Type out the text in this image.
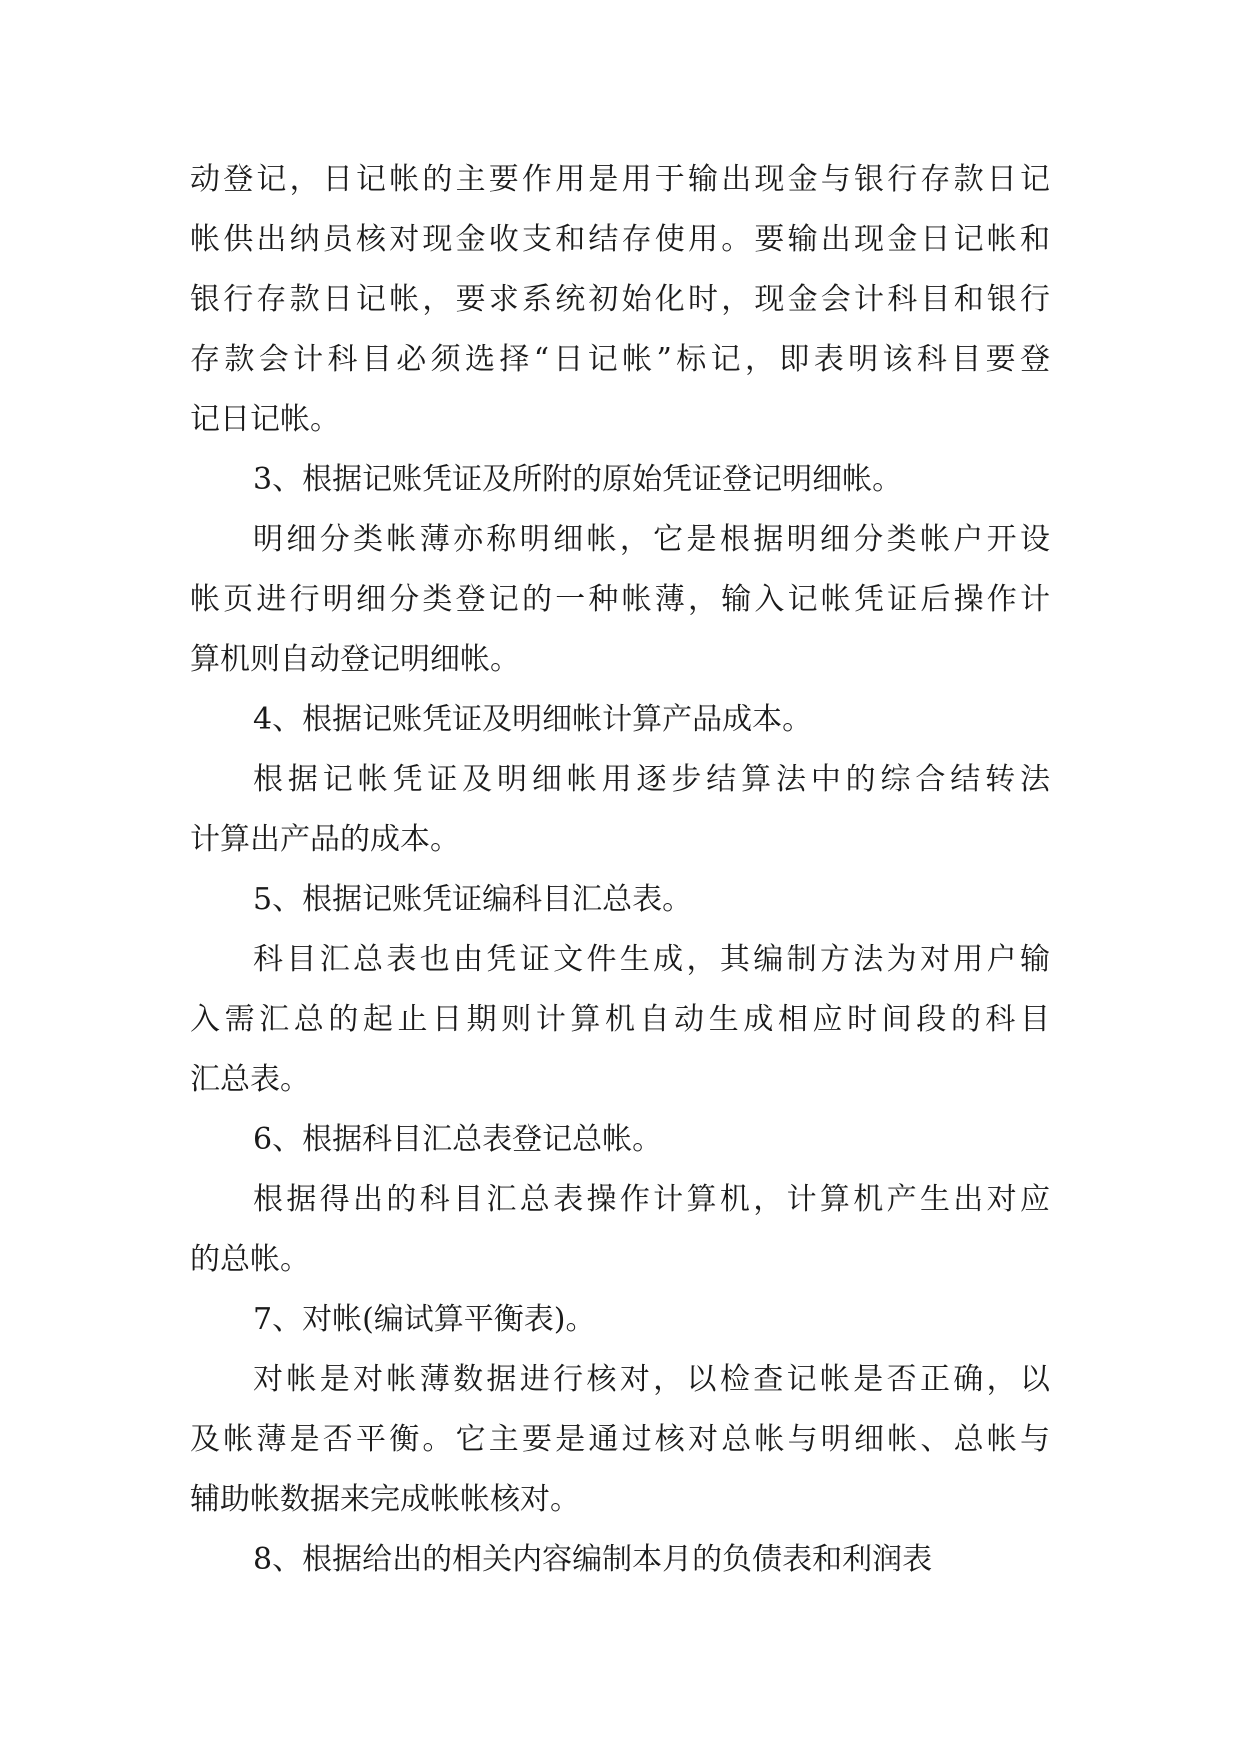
动登记，日记帐的主要作用是用于输出现金与银行存款日记
帐供出纳员核对现金收支和结存使用。要输出现金日记帐和
银行存款日记帐，要求系统初始化时，现金会计科目和银行
存款会计科目必须选择“日记帐”标记，即表明该科目要登
记日记帐。
3、根据记账凭证及所附的原始凭证登记明细帐。
明细分类帐薄亦称明细帐，它是根据明细分类帐户开设
帐页进行明细分类登记的一种帐薄，输入记帐凭证后操作计
算机则自动登记明细帐。
4、根据记账凭证及明细帐计算产品成本。
根据记帐凭证及明细帐用逐步结算法中的综合结转法
计算出产品的成本。
5、根据记账凭证编科目汇总表。
科目汇总表也由凭证文件生成，其编制方法为对用户输
入需汇总的起止日期则计算机自动生成相应时间段的科目
汇总表。
6、根据科目汇总表登记总帐。
根据得出的科目汇总表操作计算机，计算机产生出对应
的总帐。
7、对帐(编试算平衡表)。
对帐是对帐薄数据进行核对，以检查记帐是否正确，以
及帐薄是否平衡。它主要是通过核对总帐与明细帐、总帐与
辅助帐数据来完成帐帐核对。
8、根据给出的相关内容编制本月的负债表和利润表
